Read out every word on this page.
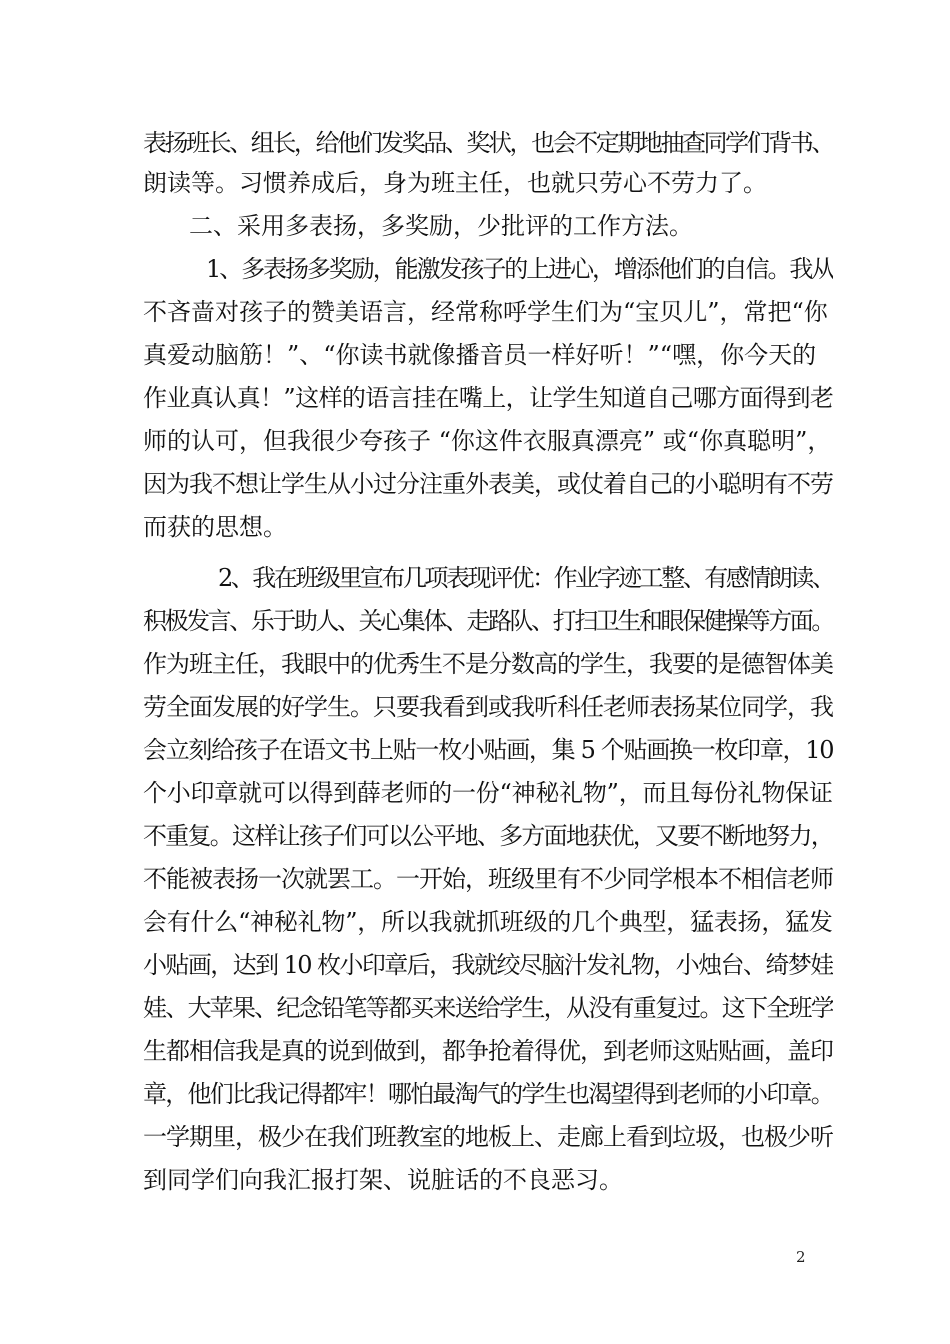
表扬班长、组长，给他们发奖品、奖状，也会不定期地抽查同学们背书、
朗读等。习惯养成后，身为班主任，也就只劳心不劳力了。
二、采用多表扬，多奖励，少批评的工作方法。
1、多表扬多奖励，能激发孩子的上进心，增添他们的自信。我从
不吝啬对孩子的赞美语言，经常称呼学生们为“宝贝儿”，常把“你
真爱动脑筋！”、“你读书就像播音员一样好听！”“嘿，你今天的
作业真认真！”这样的语言挂在嘴上，让学生知道自己哪方面得到老
师的认可，但我很少夸孩子 “你这件衣服真漂亮” 或“你真聪明”，
因为我不想让学生从小过分注重外表美，或仗着自己的小聪明有不劳
而获的思想。
2、我在班级里宣布几项表现评优：作业字迹工整、有感情朗读、
积极发言、乐于助人、关心集体、走路队、打扫卫生和眼保健操等方面。
作为班主任，我眼中的优秀生不是分数高的学生，我要的是德智体美
劳全面发展的好学生。只要我看到或我听科任老师表扬某位同学，我
会立刻给孩子在语文书上贴一枚小贴画，集 5 个贴画换一枚印章，10
个小印章就可以得到薛老师的一份“神秘礼物”，而且每份礼物保证
不重复。这样让孩子们可以公平地、多方面地获优，又要不断地努力，
不能被表扬一次就罢工。一开始，班级里有不少同学根本不相信老师
会有什么“神秘礼物”，所以我就抓班级的几个典型，猛表扬，猛发
小贴画，达到 10 枚小印章后，我就绞尽脑汁发礼物，小烛台、绮梦娃
娃、大苹果、纪念铅笔等都买来送给学生，从没有重复过。这下全班学
生都相信我是真的说到做到，都争抢着得优，到老师这贴贴画，盖印
章，他们比我记得都牢！哪怕最淘气的学生也渴望得到老师的小印章。
一学期里，极少在我们班教室的地板上、走廊上看到垃圾，也极少听
到同学们向我汇报打架、说脏话的不良恶习。
2
